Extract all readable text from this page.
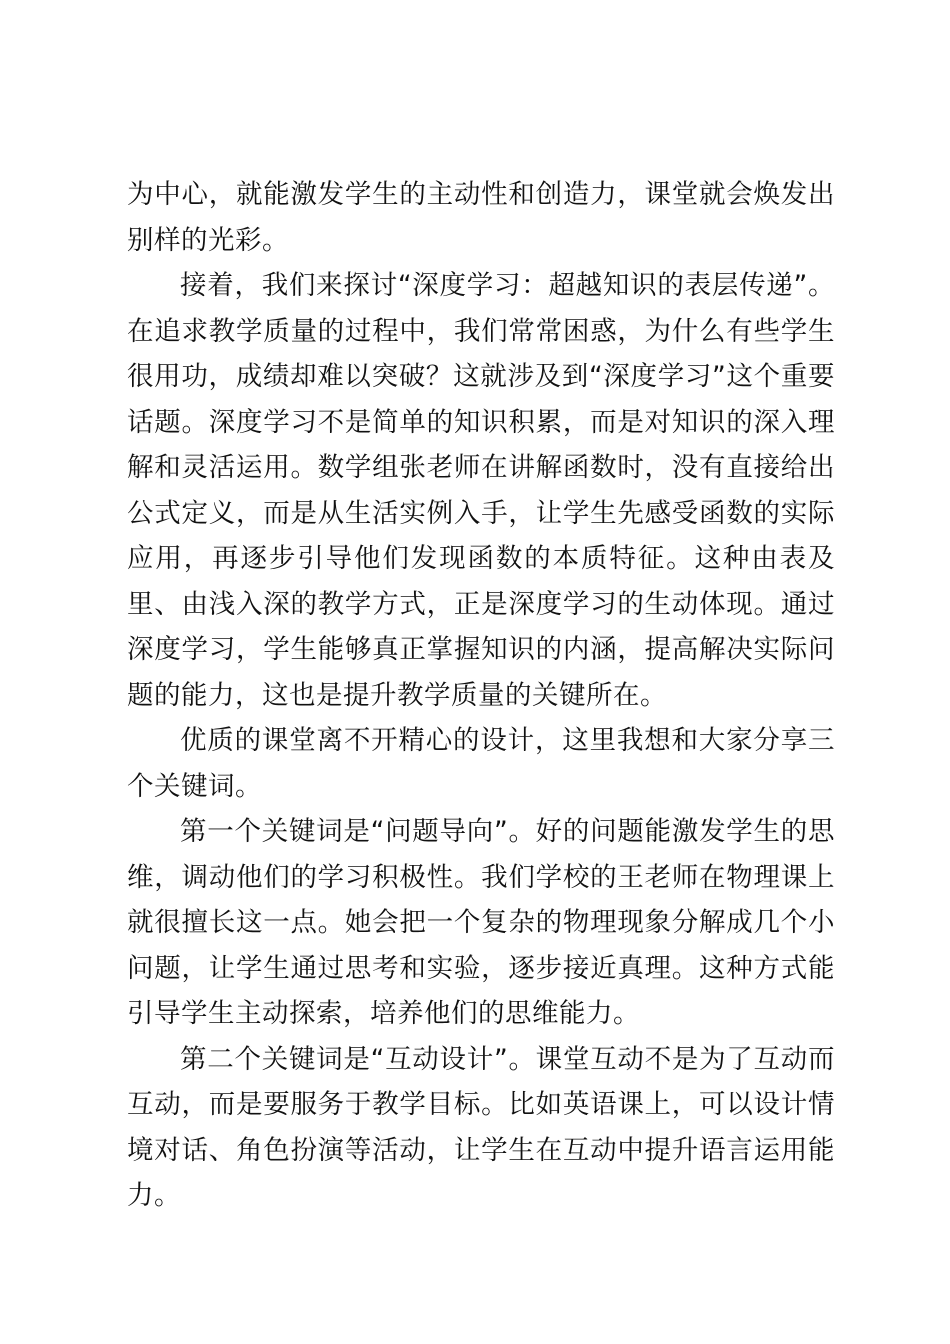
为中心，就能激发学生的主动性和创造力，课堂就会焕发出别样的光彩。

接着，我们来探讨“深度学习：超越知识的表层传递”。在追求教学质量的过程中，我们常常困惑，为什么有些学生很用功，成绩却难以突破？这就涉及到“深度学习”这个重要话题。深度学习不是简单的知识积累，而是对知识的深入理解和灵活运用。数学组张老师在讲解函数时，没有直接给出公式定义，而是从生活实例入手，让学生先感受函数的实际应用，再逐步引导他们发现函数的本质特征。这种由表及里、由浅入深的教学方式，正是深度学习的生动体现。通过深度学习，学生能够真正掌握知识的内涵，提高解决实际问题的能力，这也是提升教学质量的关键所在。

优质的课堂离不开精心的设计，这里我想和大家分享三个关键词。

第一个关键词是“问题导向”。好的问题能激发学生的思维，调动他们的学习积极性。我们学校的王老师在物理课上就很擅长这一点。她会把一个复杂的物理现象分解成几个小问题，让学生通过思考和实验，逐步接近真理。这种方式能引导学生主动探索，培养他们的思维能力。

第二个关键词是“互动设计”。课堂互动不是为了互动而互动，而是要服务于教学目标。比如英语课上，可以设计情境对话、角色扮演等活动，让学生在互动中提升语言运用能力。
